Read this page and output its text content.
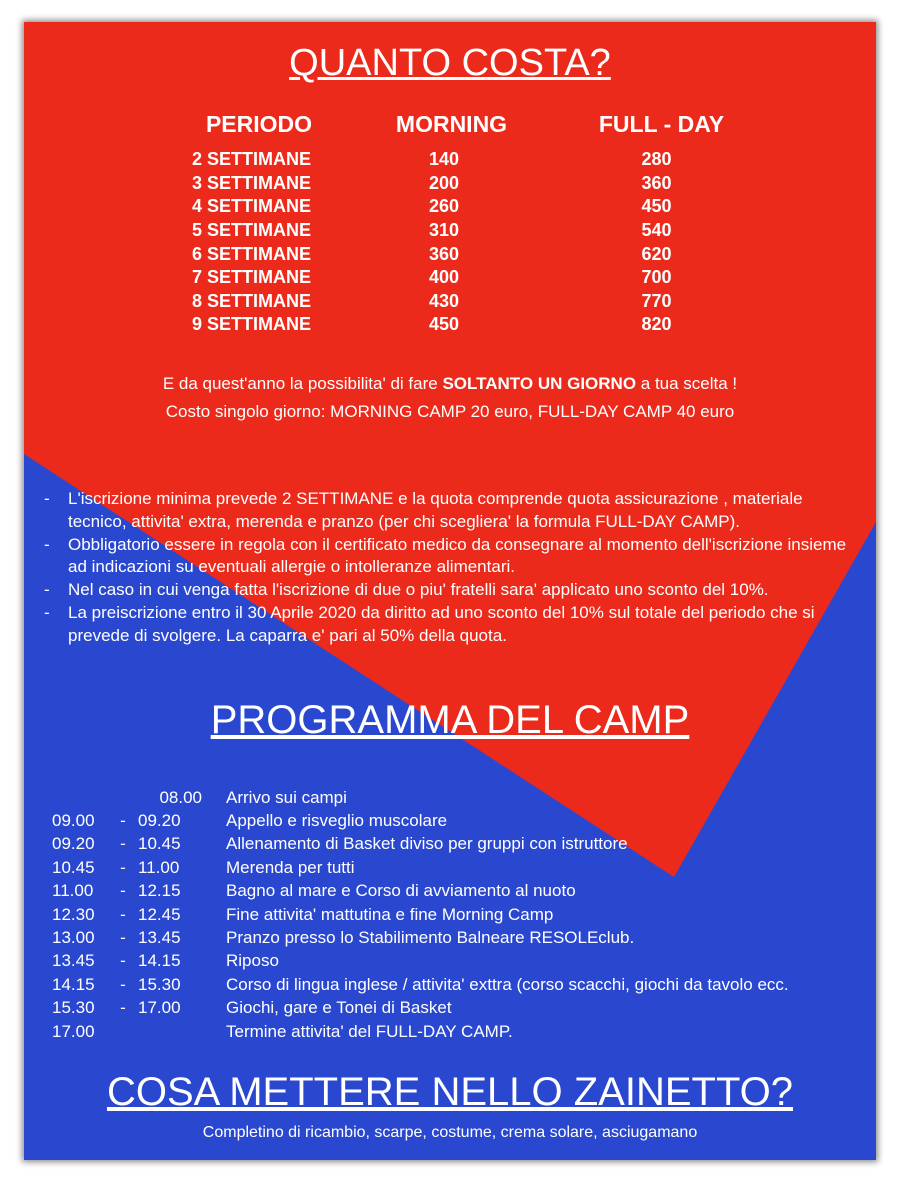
QUANTO COSTA?
PERIODO	MORNING	FULL - DAY
2 SETTIMANE	140	280
3 SETTIMANE	200	360
4 SETTIMANE	260	450
5 SETTIMANE	310	540
6 SETTIMANE	360	620
7 SETTIMANE	400	700
8 SETTIMANE	430	770
9 SETTIMANE	450	820
E da quest'anno la possibilita' di fare SOLTANTO UN GIORNO a tua scelta !
Costo singolo giorno: MORNING CAMP 20 euro, FULL-DAY CAMP 40 euro
-	L'iscrizione minima prevede 2 SETTIMANE e la quota comprende quota assicurazione , materiale tecnico, attivita' extra, merenda e pranzo (per chi sceglierа' la formula FULL-DAY CAMP).
-	Obbligatorio essere in regola con il certificato medico da consegnare al momento dell'iscrizione insieme ad indicazioni su eventuali allergie o intolleranze alimentari.
-	Nel caso in cui venga fatta l'iscrizione di due o piu' fratelli sara' applicato uno sconto del 10%.
-	La preiscrizione entro il 30 Aprile 2020 da diritto ad uno sconto del 10% sul totale del periodo che si prevede di svolgere. La caparra e' pari al 50% della quota.
PROGRAMMA DEL CAMP
08.00 Arrivo sui campi
09.00	- 09.20	Appello e risveglio muscolare
09.20	- 10.45	Allenamento di Basket diviso per gruppi con istruttore
10.45	- 11.00	Merenda per tutti
11.00	- 12.15	Bagno al mare e Corso di avviamento al nuoto
12.30	- 12.45	Fine attivita' mattutina e fine Morning Camp
13.00	- 13.45	Pranzo presso lo Stabilimento Balneare RESOLEclub.
13.45	- 14.15	Riposo
14.15	- 15.30	Corso di lingua inglese / attivita' exttra (corso scacchi, giochi da tavolo ecc.
15.30	- 17.00	Giochi, gare e Tonei di Basket
17.00	Termine attivita' del FULL-DAY CAMP.
COSA METTERE NELLO ZAINETTO?
Completino di ricambio, scarpe, costume, crema solare, asciugamano
